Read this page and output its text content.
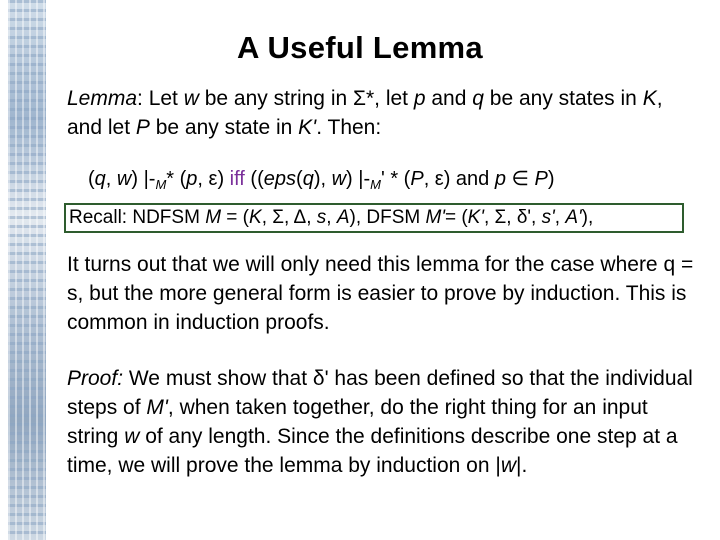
A Useful Lemma
Lemma: Let w be any string in Σ*, let p and q be any states in K, and let P be any state in K'. Then:
(q, w) $|-_M*$ (p, ε) iff ((eps(q), w) $|-_M' * (P$, ε) and p ∈ P)
Recall: NDFSM M = (K, Σ, Δ, s, A), DFSM M'= (K', Σ, δ', s', A'),
It turns out that we will only need this lemma for the case where q = s, but the more general form is easier to prove by induction. This is common in induction proofs.
Proof: We must show that δ' has been defined so that the individual steps of M', when taken together, do the right thing for an input string w of any length. Since the definitions describe one step at a time, we will prove the lemma by induction on |w|.
